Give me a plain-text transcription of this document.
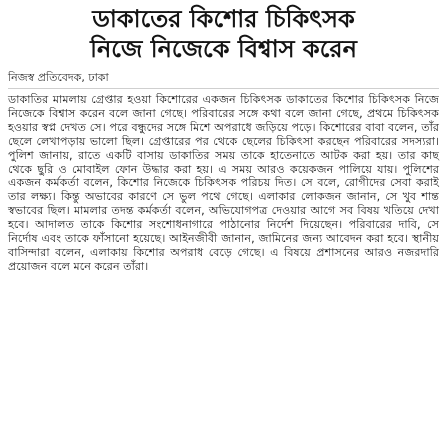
ডাকাতের কিশোর চিকিৎসক
নিজে নিজেকে বিশ্বাস করেন
নিজস্ব প্রতিবেদক, ঢাকা

ডাকাতির মামলায় গ্রেপ্তার হওয়া কিশোরের একজন চিকিৎসক ডাকাতের কিশোর চিকিৎসক নিজে নিজেকে বিশ্বাস করেন বলে জানা গেছে। পরিবারের সঙ্গে কথা বলে জানা গেছে, প্রথমে চিকিৎসক হওয়ার স্বপ্ন দেখত সে। পরে বন্ধুদের সঙ্গে মিশে অপরাধে জড়িয়ে পড়ে। কিশোরের বাবা বলেন, তাঁর ছেলে লেখাপড়ায় ভালো ছিল। গ্রেপ্তারের পর থেকে ছেলের চিকিৎসা করছেন পরিবারের সদস্যরা। পুলিশ জানায়, রাতে একটি বাসায় ডাকাতির সময় তাকে হাতেনাতে আটক করা হয়। তার কাছ থেকে ছুরি ও মোবাইল ফোন উদ্ধার করা হয়। এ সময় আরও কয়েকজন পালিয়ে যায়। পুলিশের একজন কর্মকর্তা বলেন, কিশোর নিজেকে চিকিৎসক পরিচয় দিত। সে বলে, রোগীদের সেবা করাই তার লক্ষ্য। কিন্তু অভাবের কারণে সে ভুল পথে গেছে। এলাকার লোকজন জানান, সে খুব শান্ত স্বভাবের ছিল। মামলার তদন্ত কর্মকর্তা বলেন, অভিযোগপত্র দেওয়ার আগে সব বিষয় খতিয়ে দেখা হবে। আদালত তাকে কিশোর সংশোধনাগারে পাঠানোর নির্দেশ দিয়েছেন। পরিবারের দাবি, সে নির্দোষ এবং তাকে ফাঁসানো হয়েছে। আইনজীবী জানান, জামিনের জন্য আবেদন করা হবে। স্থানীয় বাসিন্দারা বলেন, এলাকায় কিশোর অপরাধ বেড়ে গেছে। এ বিষয়ে প্রশাসনের আরও নজরদারি প্রয়োজন বলে মনে করেন তাঁরা।
